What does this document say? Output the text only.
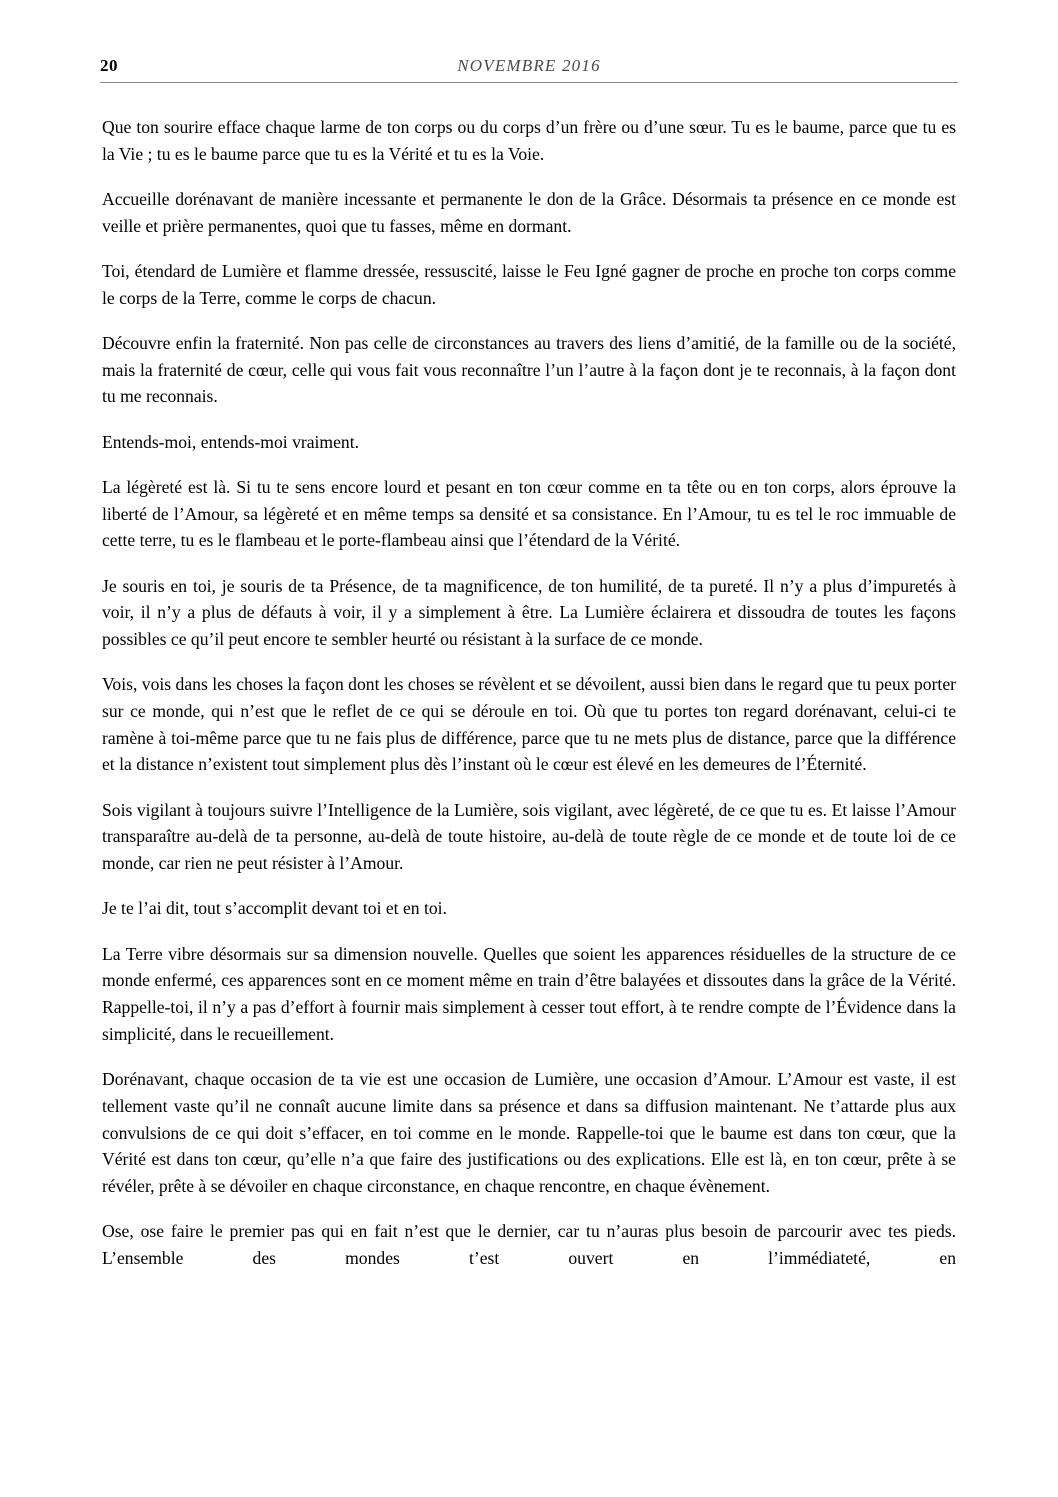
20	NOVEMBRE 2016

Que ton sourire efface chaque larme de ton corps ou du corps d’un frère ou d’une sœur. Tu es le baume, parce que tu es la Vie ; tu es le baume parce que tu es la Vérité et tu es la Voie.

Accueille dorénavant de manière incessante et permanente le don de la Grâce. Désormais ta présence en ce monde est veille et prière permanentes, quoi que tu fasses, même en dormant.

Toi, étendard de Lumière et flamme dressée, ressuscité, laisse le Feu Igné gagner de proche en proche ton corps comme le corps de la Terre, comme le corps de chacun.

Découvre enfin la fraternité. Non pas celle de circonstances au travers des liens d’amitié, de la famille ou de la société, mais la fraternité de cœur, celle qui vous fait vous reconnaître l’un l’autre à la façon dont je te reconnais, à la façon dont tu me reconnais.

Entends-moi, entends-moi vraiment.

La légèreté est là. Si tu te sens encore lourd et pesant en ton cœur comme en ta tête ou en ton corps, alors éprouve la liberté de l’Amour, sa légèreté et en même temps sa densité et sa consistance. En l’Amour, tu es tel le roc immuable de cette terre, tu es le flambeau et le porte-flambeau ainsi que l’étendard de la Vérité.

Je souris en toi, je souris de ta Présence, de ta magnificence, de ton humilité, de ta pureté. Il n’y a plus d’impuretés à voir, il n’y a plus de défauts à voir, il y a simplement à être. La Lumière éclairera et dissoudra de toutes les façons possibles ce qu’il peut encore te sembler heurté ou résistant à la surface de ce monde.

Vois, vois dans les choses la façon dont les choses se révèlent et se dévoilent, aussi bien dans le regard que tu peux porter sur ce monde, qui n’est que le reflet de ce qui se déroule en toi. Où que tu portes ton regard dorénavant, celui-ci te ramène à toi-même parce que tu ne fais plus de différence, parce que tu ne mets plus de distance, parce que la différence et la distance n’existent tout simplement plus dès l’instant où le cœur est élevé en les demeures de l’Éternité.

Sois vigilant à toujours suivre l’Intelligence de la Lumière, sois vigilant, avec légèreté, de ce que tu es. Et laisse l’Amour transparaître au-delà de ta personne, au-delà de toute histoire, au-delà de toute règle de ce monde et de toute loi de ce monde, car rien ne peut résister à l’Amour.

Je te l’ai dit, tout s’accomplit devant toi et en toi.

La Terre vibre désormais sur sa dimension nouvelle. Quelles que soient les apparences résiduelles de la structure de ce monde enfermé, ces apparences sont en ce moment même en train d’être balayées et dissoutes dans la grâce de la Vérité. Rappelle-toi, il n’y a pas d’effort à fournir mais simplement à cesser tout effort, à te rendre compte de l’Évidence dans la simplicité, dans le recueillement.

Dorénavant, chaque occasion de ta vie est une occasion de Lumière, une occasion d’Amour. L’Amour est vaste, il est tellement vaste qu’il ne connaît aucune limite dans sa présence et dans sa diffusion maintenant. Ne t’attarde plus aux convulsions de ce qui doit s’effacer, en toi comme en le monde. Rappelle-toi que le baume est dans ton cœur, que la Vérité est dans ton cœur, qu’elle n’a que faire des justifications ou des explications. Elle est là, en ton cœur, prête à se révéler, prête à se dévoiler en chaque circonstance, en chaque rencontre, en chaque évènement.

Ose, ose faire le premier pas qui en fait n’est que le dernier, car tu n’auras plus besoin de parcourir avec tes pieds. L’ensemble des mondes t’est ouvert en l’immédiateté, en
